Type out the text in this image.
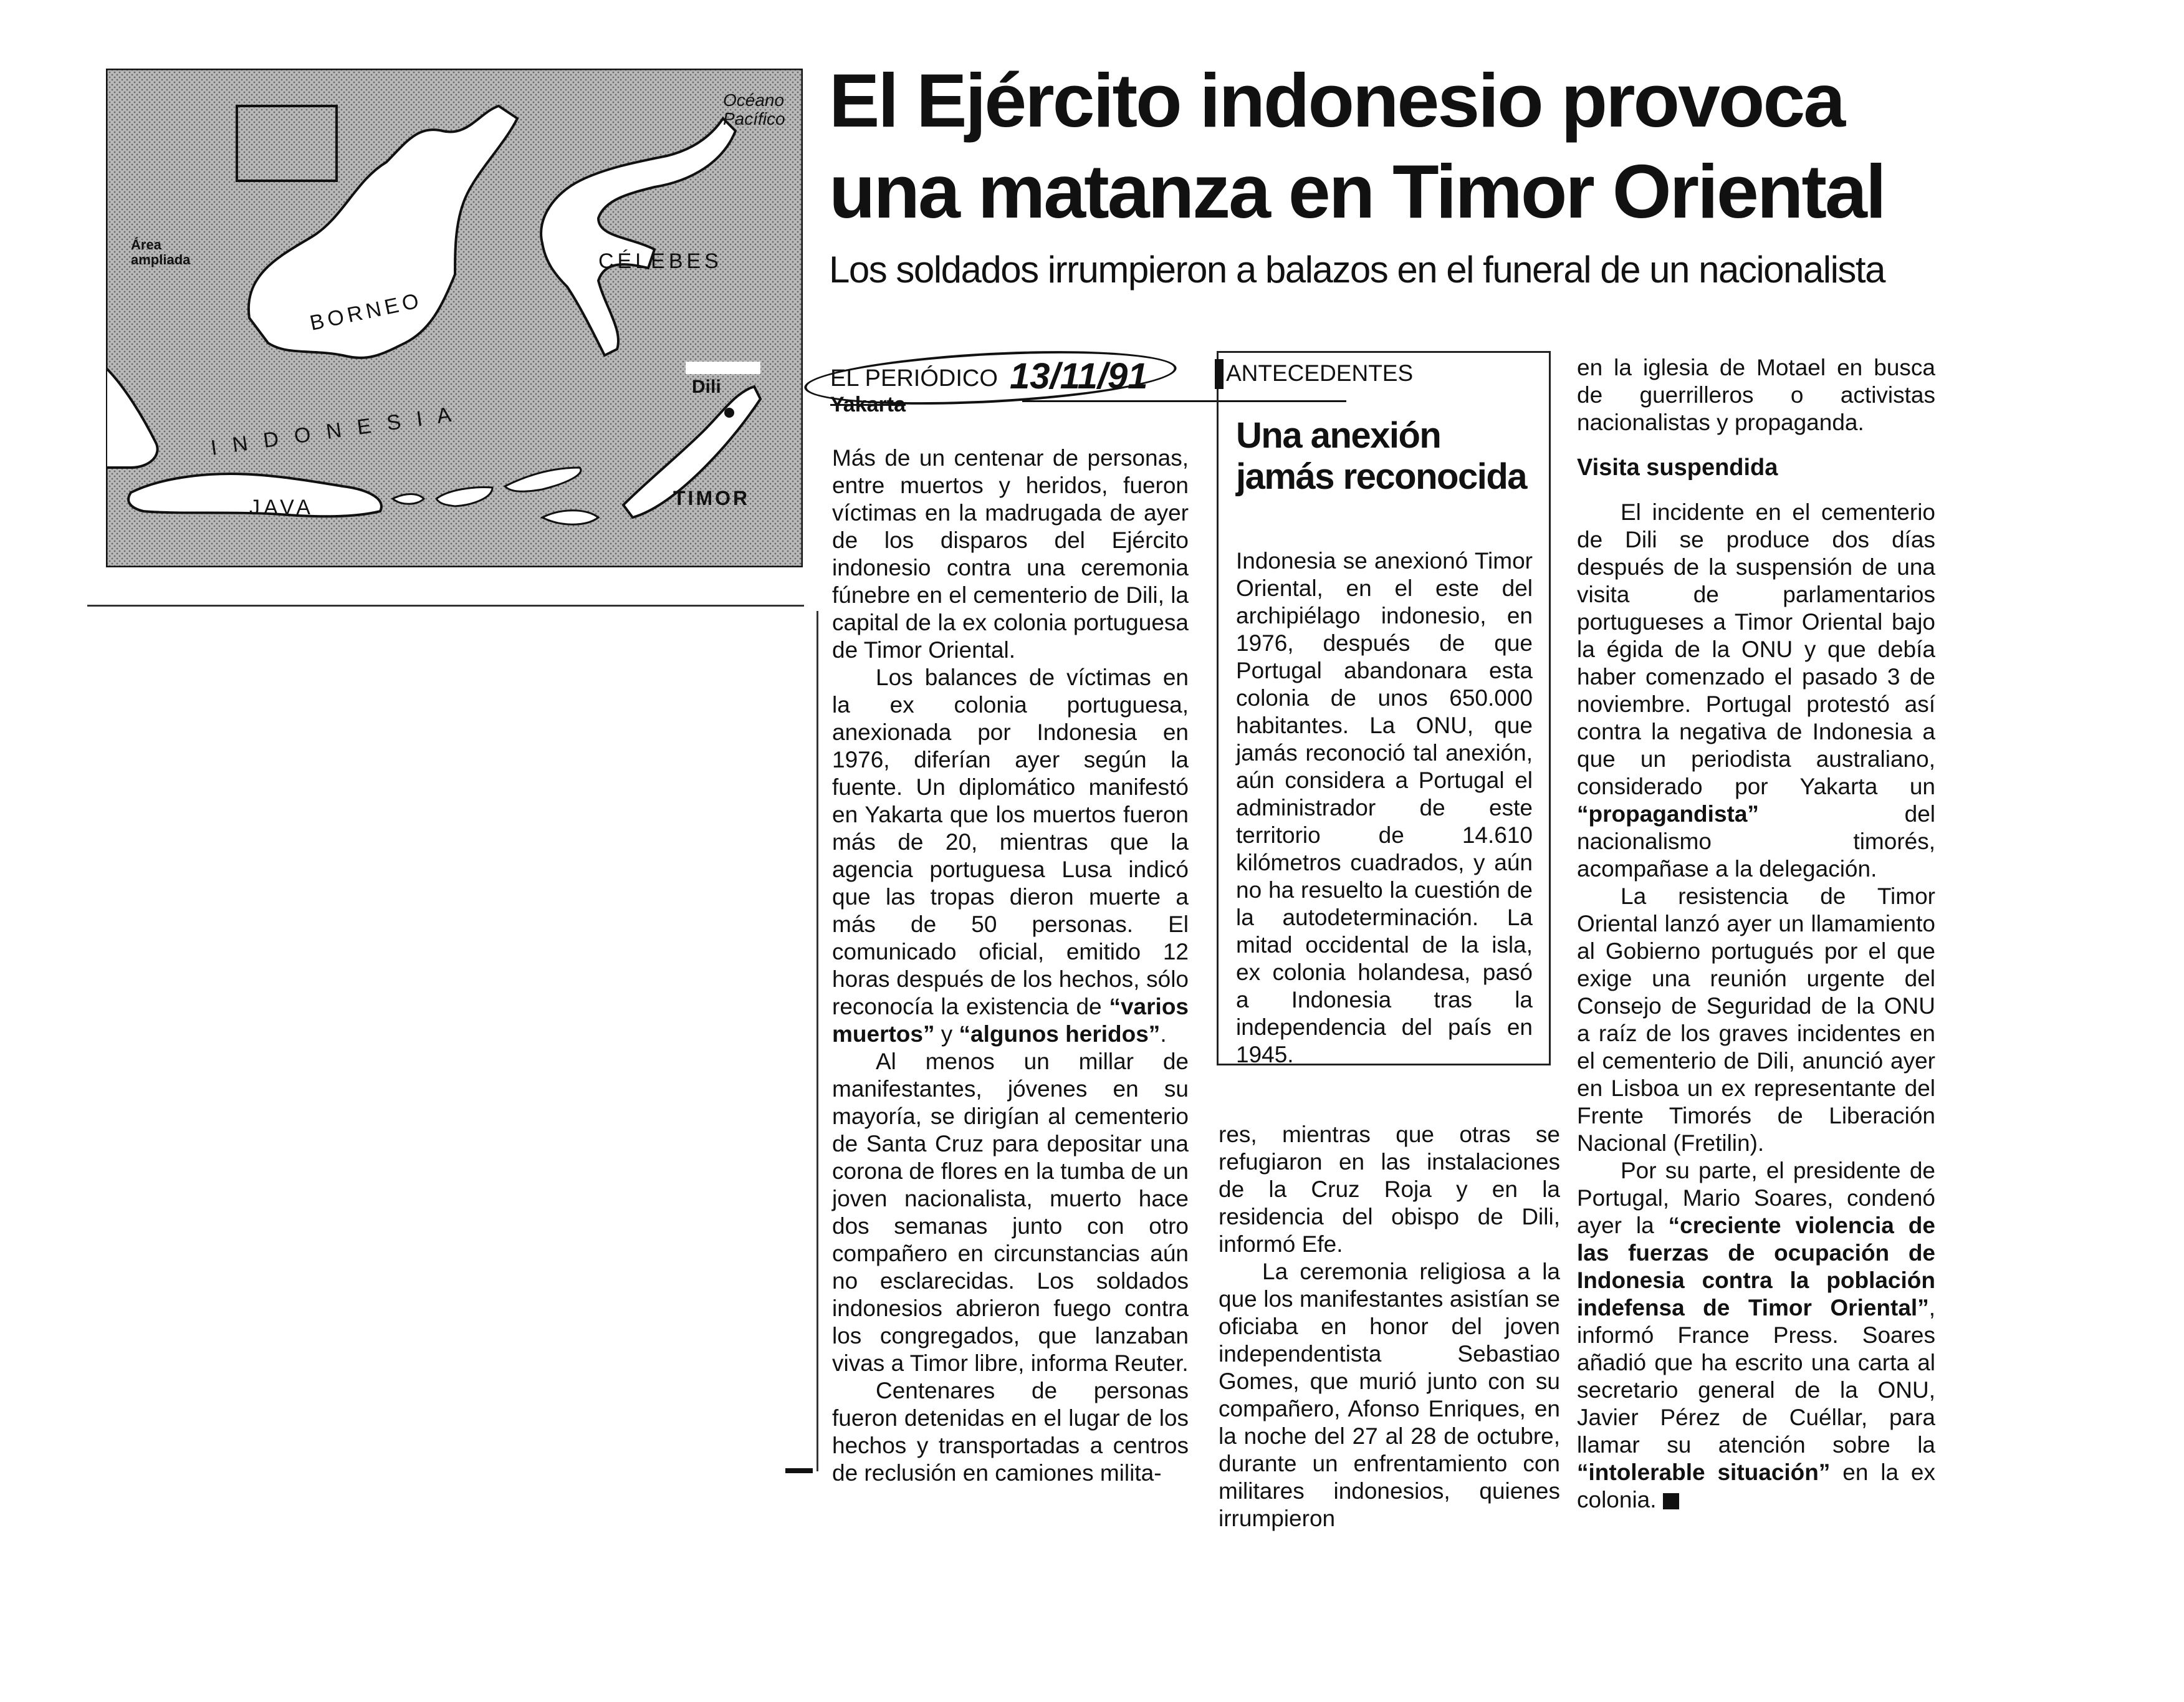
Océano Pacífico
Área ampliada	CÉLEBES
BORNEO
I N D O N E S I A
JAVA
Dili
TIMOR
El Ejército indonesio provoca
una matanza en Timor Oriental
Los soldados irrumpieron a balazos en el funeral de un nacionalista
EL PERIÓDICO 13/11/91
Yakarta

Más de un centenar de personas, entre muertos y heridos, fueron víctimas en la madrugada de ayer de los disparos del Ejército indonesio contra una ceremonia fúnebre en el cementerio de Dili, la capital de la ex colonia portuguesa de Timor Oriental.

Los balances de víctimas en la ex colonia portuguesa, anexionada por Indonesia en 1976, diferían ayer según la fuente. Un diplomático manifestó en Yakarta que los muertos fueron más de 20, mientras que la agencia portuguesa Lusa indicó que las tropas dieron muerte a más de 50 personas. El comunicado oficial, emitido 12 horas después de los hechos, sólo reconocía la existencia de “varios muertos” y “algunos heridos”.

Al menos un millar de manifestantes, jóvenes en su mayoría, se dirigían al cementerio de Santa Cruz para depositar una corona de flores en la tumba de un joven nacionalista, muerto hace dos semanas junto con otro compañero en circunstancias aún no esclarecidas. Los soldados indonesios abrieron fuego contra los congregados, que lanzaban vivas a Timor libre, informa Reuter.

Centenares de personas fueron detenidas en el lugar de los hechos y transportadas a centros de reclusión en camiones milita-

ANTECEDENTES
Una anexión jamás reconocida
Indonesia se anexionó Timor Oriental, en el este del archipiélago indonesio, en 1976, después de que Portugal abandonara esta colonia de unos 650.000 habitantes. La ONU, que jamás reconoció tal anexión, aún considera a Portugal el administrador de este territorio de 14.610 kilómetros cuadrados, y aún no ha resuelto la cuestión de la autodeterminación. La mitad occidental de la isla, ex colonia holandesa, pasó a Indonesia tras la independencia del país en 1945.

res, mientras que otras se refugiaron en las instalaciones de la Cruz Roja y en la residencia del obispo de Dili, informó Efe.

La ceremonia religiosa a la que los manifestantes asistían se oficiaba en honor del joven independentista Sebastiao Gomes, que murió junto con su compañero, Afonso Enriques, en la noche del 27 al 28 de octubre, durante un enfrentamiento con militares indonesios, quienes irrumpieron

en la iglesia de Motael en busca de guerrilleros o activistas nacionalistas y propaganda.

Visita suspendida

El incidente en el cementerio de Dili se produce dos días después de la suspensión de una visita de parlamentarios portugueses a Timor Oriental bajo la égida de la ONU y que debía haber comenzado el pasado 3 de noviembre. Portugal protestó así contra la negativa de Indonesia a que un periodista australiano, considerado por Yakarta un “propagandista” del nacionalismo timorés, acompañase a la delegación.

La resistencia de Timor Oriental lanzó ayer un llamamiento al Gobierno portugués por el que exige una reunión urgente del Consejo de Seguridad de la ONU a raíz de los graves incidentes en el cementerio de Dili, anunció ayer en Lisboa un ex representante del Frente Timorés de Liberación Nacional (Fretilin).

Por su parte, el presidente de Portugal, Mario Soares, condenó ayer la “creciente violencia de las fuerzas de ocupación de Indonesia contra la población indefensa de Timor Oriental”, informó France Press. Soares añadió que ha escrito una carta al secretario general de la ONU, Javier Pérez de Cuéllar, para llamar su atención sobre la “intolerable situación” en la ex colonia.
